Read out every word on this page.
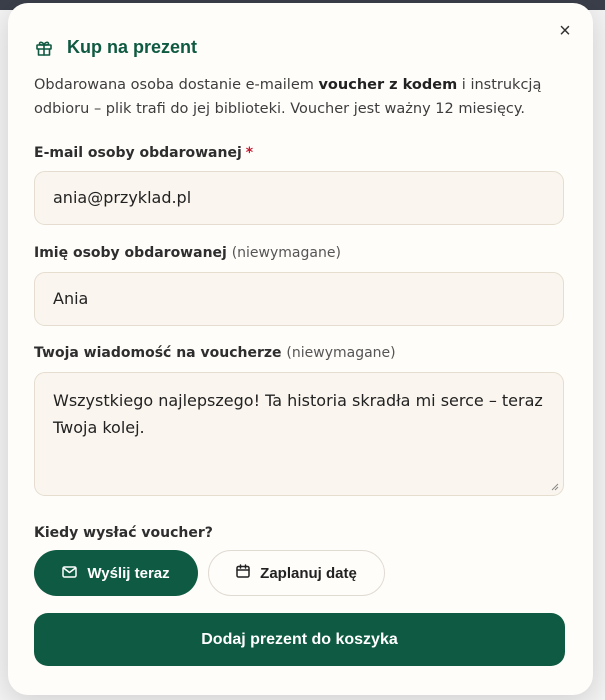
×
Kup na prezent
Obdarowana osoba dostanie e-mailem voucher z kodem i instrukcją odbioru – plik trafi do jej biblioteki. Voucher jest ważny 12 miesięcy.
E-mail osoby obdarowanej *
ania@przyklad.pl
Imię osoby obdarowanej (niewymagane)
Ania
Twoja wiadomość na voucherze (niewymagane)
Wszystkiego najlepszego! Ta historia skradła mi serce – teraz Twoja kolej.
Kiedy wysłać voucher?
Wyślij teraz	Zaplanuj datę
Dodaj prezent do koszyka
